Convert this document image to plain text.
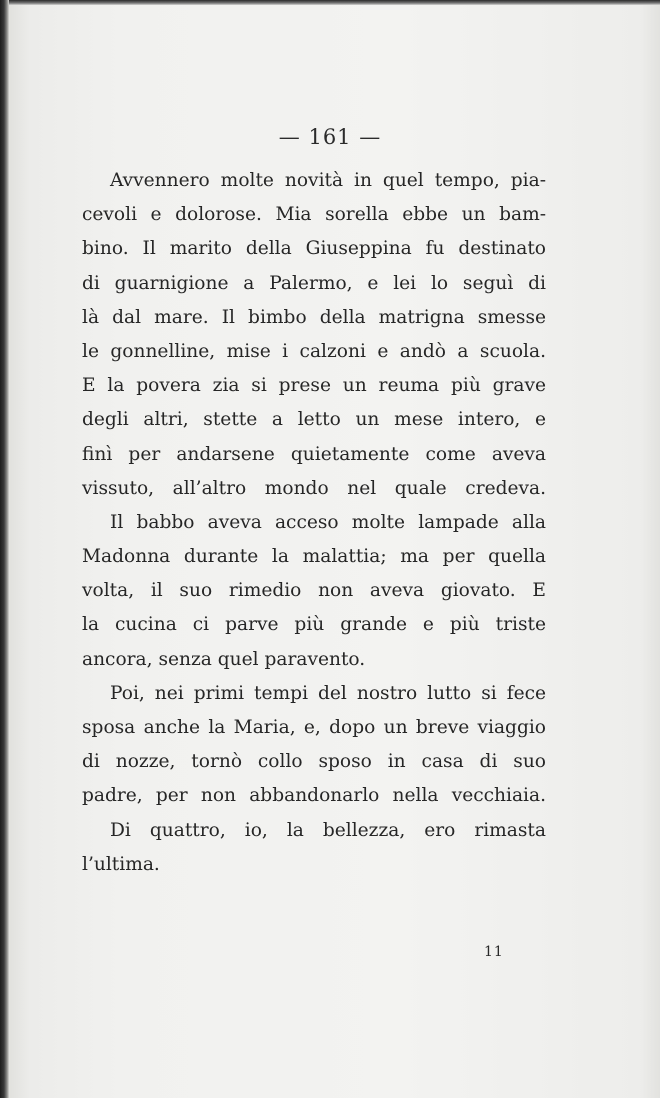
— 161 —
Avvennero molte novità in quel tempo, pia-
cevoli e dolorose. Mia sorella ebbe un bam-
bino. Il marito della Giuseppina fu destinato
di guarnigione a Palermo, e lei lo seguì di
là dal mare. Il bimbo della matrigna smesse
le gonnelline, mise i calzoni e andò a scuola.
E la povera zia si prese un reuma più grave
degli altri, stette a letto un mese intero, e
finì per andarsene quietamente come aveva
vissuto, all’altro mondo nel quale credeva.
Il babbo aveva acceso molte lampade alla
Madonna durante la malattia; ma per quella
volta, il suo rimedio non aveva giovato. E
la cucina ci parve più grande e più triste
ancora, senza quel paravento.
Poi, nei primi tempi del nostro lutto si fece
sposa anche la Maria, e, dopo un breve viaggio
di nozze, tornò collo sposo in casa di suo
padre, per non abbandonarlo nella vecchiaia.
Di quattro, io, la bellezza, ero rimasta
l’ultima.
11
